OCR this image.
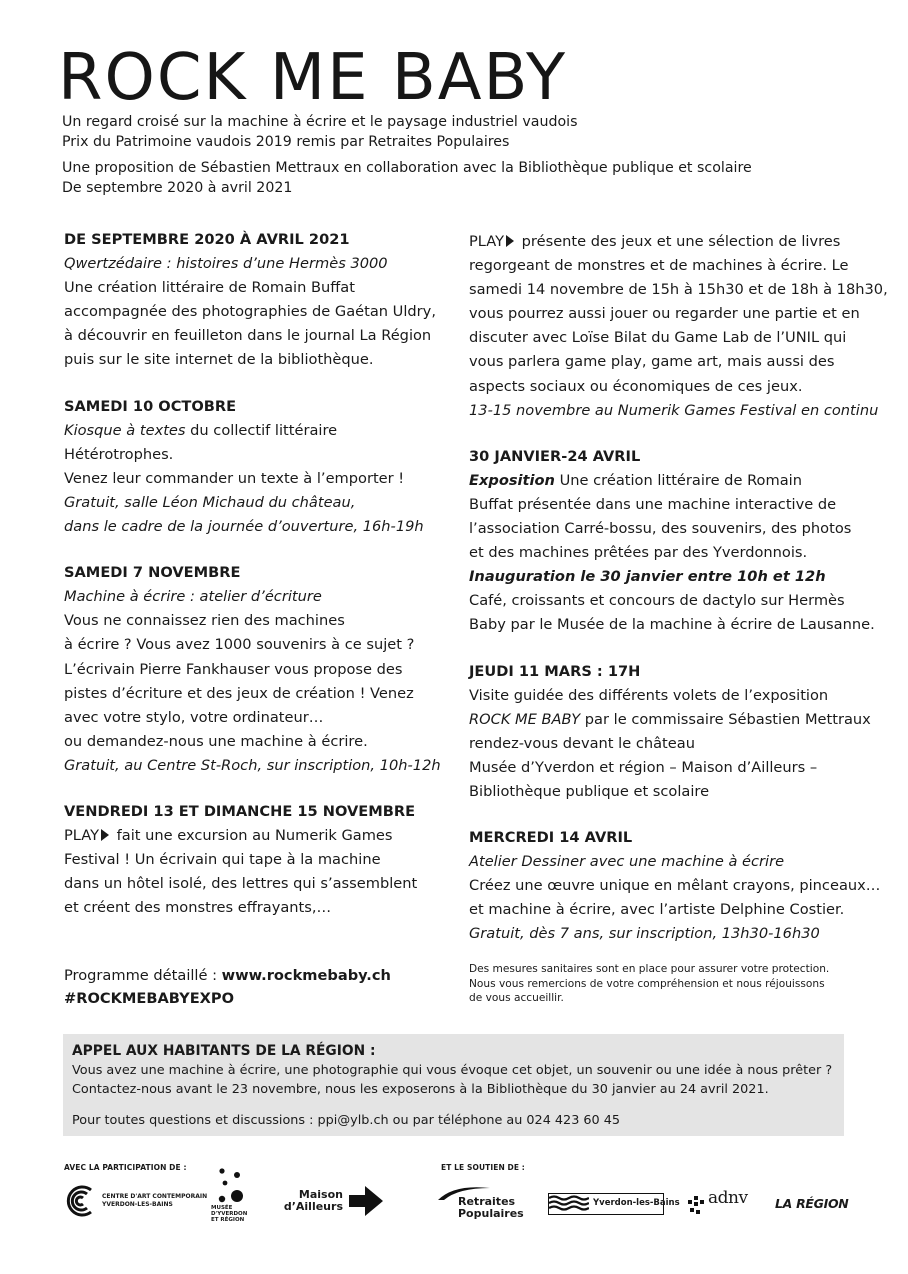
ROCK ME BABY
Un regard croisé sur la machine à écrire et le paysage industriel vaudois
Prix du Patrimoine vaudois 2019 remis par Retraites Populaires
Une proposition de Sébastien Mettraux en collaboration avec la Bibliothèque publique et scolaire
De septembre 2020 à avril 2021
DE SEPTEMBRE 2020 À AVRIL 2021
Qwertzédaire : histoires d’une Hermès 3000
Une création littéraire de Romain Buffat
accompagnée des photographies de Gaétan Uldry,
à découvrir en feuilleton dans le journal La Région
puis sur le site internet de la bibliothèque.
SAMEDI 10 OCTOBRE
Kiosque à textes du collectif littéraire
Hétérotrophes.
Venez leur commander un texte à l’emporter !
Gratuit, salle Léon Michaud du château,
dans le cadre de la journée d’ouverture, 16h-19h
SAMEDI 7 NOVEMBRE
Machine à écrire : atelier d’écriture
Vous ne connaissez rien des machines
à écrire ? Vous avez 1000 souvenirs à ce sujet ?
L’écrivain Pierre Fankhauser vous propose des
pistes d’écriture et des jeux de création ! Venez
avec votre stylo, votre ordinateur…
ou demandez-nous une machine à écrire.
Gratuit, au Centre St-Roch, sur inscription, 10h-12h
VENDREDI 13 ET DIMANCHE 15 NOVEMBRE
PLAY fait une excursion au Numerik Games
Festival ! Un écrivain qui tape à la machine
dans un hôtel isolé, des lettres qui s’assemblent
et créent des monstres effrayants,…
PLAY présente des jeux et une sélection de livres
regorgeant de monstres et de machines à écrire. Le
samedi 14 novembre de 15h à 15h30 et de 18h à 18h30,
vous pourrez aussi jouer ou regarder une partie et en
discuter avec Loïse Bilat du Game Lab de l’UNIL qui
vous parlera game play, game art, mais aussi des
aspects sociaux ou économiques de ces jeux.
13-15 novembre au Numerik Games Festival en continu
30 JANVIER-24 AVRIL
Exposition Une création littéraire de Romain
Buffat présentée dans une machine interactive de
l’association Carré-bossu, des souvenirs, des photos
et des machines prêtées par des Yverdonnois.
Inauguration le 30 janvier entre 10h et 12h
Café, croissants et concours de dactylo sur Hermès
Baby par le Musée de la machine à écrire de Lausanne.
JEUDI 11 MARS : 17H
Visite guidée des différents volets de l’exposition
ROCK ME BABY par le commissaire Sébastien Mettraux
rendez-vous devant le château
Musée d’Yverdon et région – Maison d’Ailleurs –
Bibliothèque publique et scolaire
MERCREDI 14 AVRIL
Atelier Dessiner avec une machine à écrire
Créez une œuvre unique en mêlant crayons, pinceaux…
et machine à écrire, avec l’artiste Delphine Costier.
Gratuit, dès 7 ans, sur inscription, 13h30-16h30
Programme détaillé : www.rockmebaby.ch
#ROCKMEBABYEXPO
Des mesures sanitaires sont en place pour assurer votre protection.
Nous vous remercions de votre compréhension et nous réjouissons
de vous accueillir.
APPEL AUX HABITANTS DE LA RÉGION :
Vous avez une machine à écrire, une photographie qui vous évoque cet objet, un souvenir ou une idée à nous prêter ?
Contactez-nous avant le 23 novembre, nous les exposerons à la Bibliothèque du 30 janvier au 24 avril 2021.
Pour toutes questions et discussions : ppi@ylb.ch ou par téléphone au 024 423 60 45
AVEC LA PARTICIPATION DE :	ET LE SOUTIEN DE :
CENTRE D'ART CONTEMPORAIN
YVERDON-LES-BAINS	MUSÉE
D'YVERDON
ET RÉGION
Maison
d’Ailleurs	Retraites
Populaires
Yverdon-les-Bains adnv LA RÉGION
